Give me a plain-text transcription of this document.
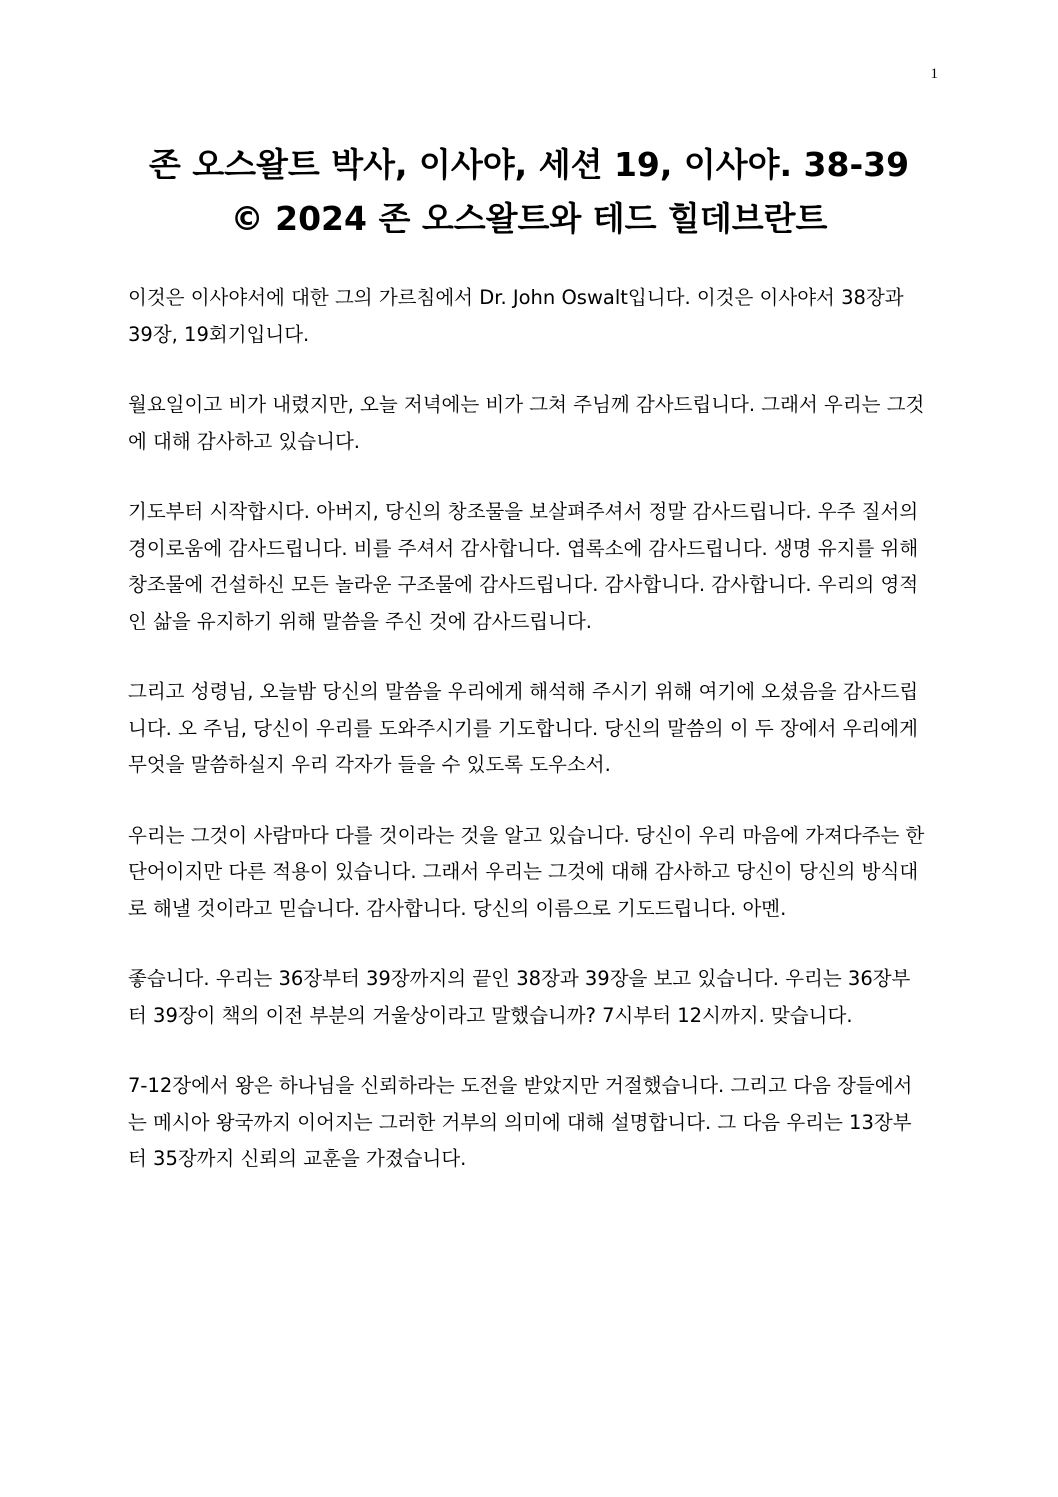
1
존 오스왈트 박사, 이사야, 세션 19, 이사야. 38-39
© 2024 존 오스왈트와 테드 힐데브란트

이것은 이사야서에 대한 그의 가르침에서 Dr. John Oswalt입니다. 이것은 이사야서 38장과 39장, 19회기입니다.

월요일이고 비가 내렸지만, 오늘 저녁에는 비가 그쳐 주님께 감사드립니다. 그래서 우리는 그것에 대해 감사하고 있습니다.

기도부터 시작합시다. 아버지, 당신의 창조물을 보살펴주셔서 정말 감사드립니다. 우주 질서의 경이로움에 감사드립니다. 비를 주셔서 감사합니다. 엽록소에 감사드립니다. 생명 유지를 위해 창조물에 건설하신 모든 놀라운 구조물에 감사드립니다. 감사합니다. 감사합니다. 우리의 영적인 삶을 유지하기 위해 말씀을 주신 것에 감사드립니다.

그리고 성령님, 오늘밤 당신의 말씀을 우리에게 해석해 주시기 위해 여기에 오셨음을 감사드립니다. 오 주님, 당신이 우리를 도와주시기를 기도합니다. 당신의 말씀의 이 두 장에서 우리에게 무엇을 말씀하실지 우리 각자가 들을 수 있도록 도우소서.

우리는 그것이 사람마다 다를 것이라는 것을 알고 있습니다. 당신이 우리 마음에 가져다주는 한 단어이지만 다른 적용이 있습니다. 그래서 우리는 그것에 대해 감사하고 당신이 당신의 방식대로 해낼 것이라고 믿습니다. 감사합니다. 당신의 이름으로 기도드립니다. 아멘.

좋습니다. 우리는 36장부터 39장까지의 끝인 38장과 39장을 보고 있습니다. 우리는 36장부터 39장이 책의 이전 부분의 거울상이라고 말했습니까? 7시부터 12시까지. 맞습니다.

7-12장에서 왕은 하나님을 신뢰하라는 도전을 받았지만 거절했습니다. 그리고 다음 장들에서는 메시아 왕국까지 이어지는 그러한 거부의 의미에 대해 설명합니다. 그 다음 우리는 13장부터 35장까지 신뢰의 교훈을 가졌습니다.
